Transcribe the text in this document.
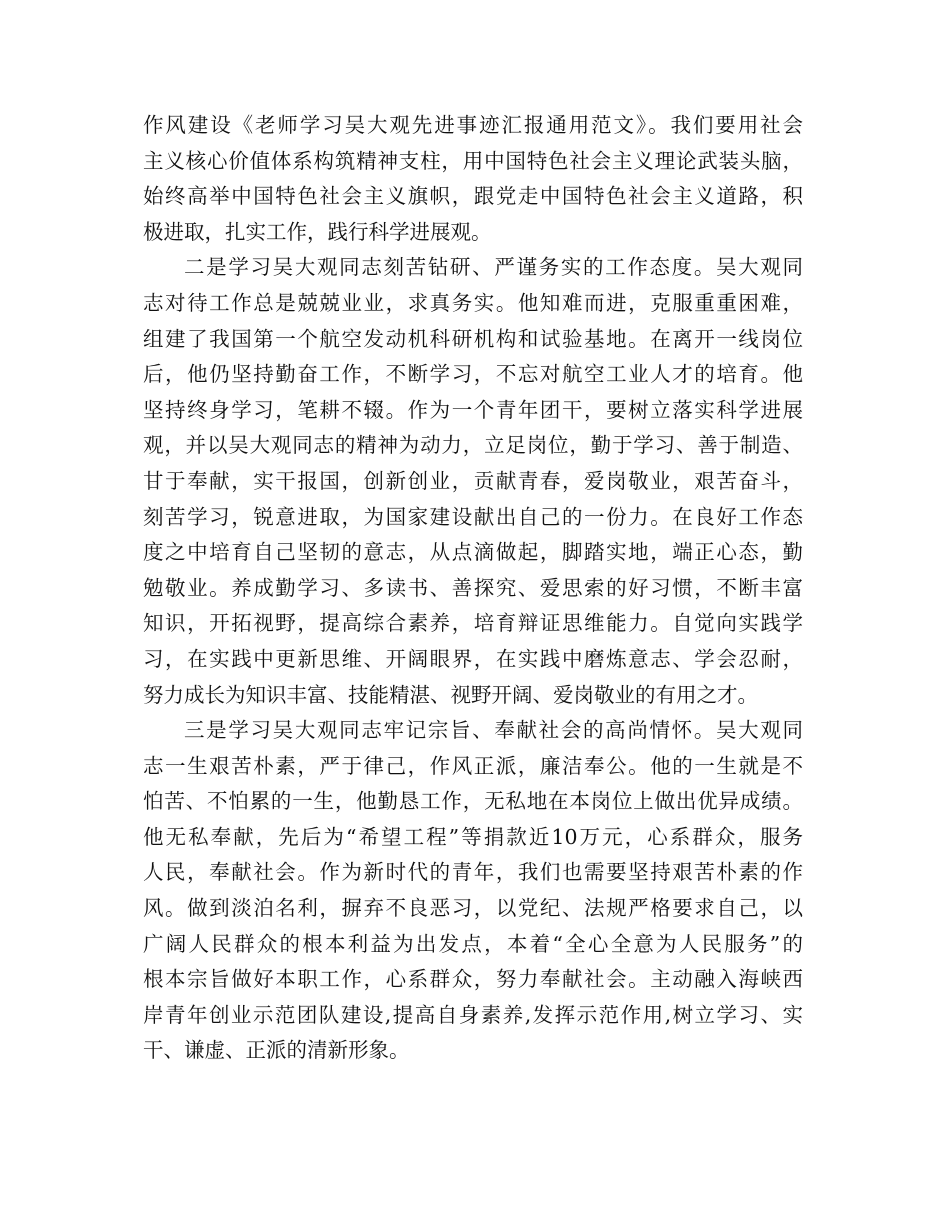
作风建设《老师学习吴大观先进事迹汇报通用范文》。我们要用社会
主义核心价值体系构筑精神支柱，用中国特色社会主义理论武装头脑，
始终高举中国特色社会主义旗帜，跟党走中国特色社会主义道路，积
极进取，扎实工作，践行科学进展观。
二是学习吴大观同志刻苦钻研、严谨务实的工作态度。吴大观同
志对待工作总是兢兢业业，求真务实。他知难而进，克服重重困难，
组建了我国第一个航空发动机科研机构和试验基地。在离开一线岗位
后，他仍坚持勤奋工作，不断学习，不忘对航空工业人才的培育。他
坚持终身学习，笔耕不辍。作为一个青年团干，要树立落实科学进展
观，并以吴大观同志的精神为动力，立足岗位，勤于学习、善于制造、
甘于奉献，实干报国，创新创业，贡献青春，爱岗敬业，艰苦奋斗，
刻苦学习，锐意进取，为国家建设献出自己的一份力。在良好工作态
度之中培育自己坚韧的意志，从点滴做起，脚踏实地，端正心态，勤
勉敬业。养成勤学习、多读书、善探究、爱思索的好习惯，不断丰富
知识，开拓视野，提高综合素养，培育辩证思维能力。自觉向实践学
习，在实践中更新思维、开阔眼界，在实践中磨炼意志、学会忍耐，
努力成长为知识丰富、技能精湛、视野开阔、爱岗敬业的有用之才。
三是学习吴大观同志牢记宗旨、奉献社会的高尚情怀。吴大观同
志一生艰苦朴素，严于律己，作风正派，廉洁奉公。他的一生就是不
怕苦、不怕累的一生，他勤恳工作，无私地在本岗位上做出优异成绩。
他无私奉献，先后为“希望工程”等捐款近10万元，心系群众，服务
人民，奉献社会。作为新时代的青年，我们也需要坚持艰苦朴素的作
风。做到淡泊名利，摒弃不良恶习，以党纪、法规严格要求自己，以
广阔人民群众的根本利益为出发点，本着“全心全意为人民服务”的
根本宗旨做好本职工作，心系群众，努力奉献社会。主动融入海峡西
岸青年创业示范团队建设,提高自身素养,发挥示范作用,树立学习、实
干、谦虚、正派的清新形象。
